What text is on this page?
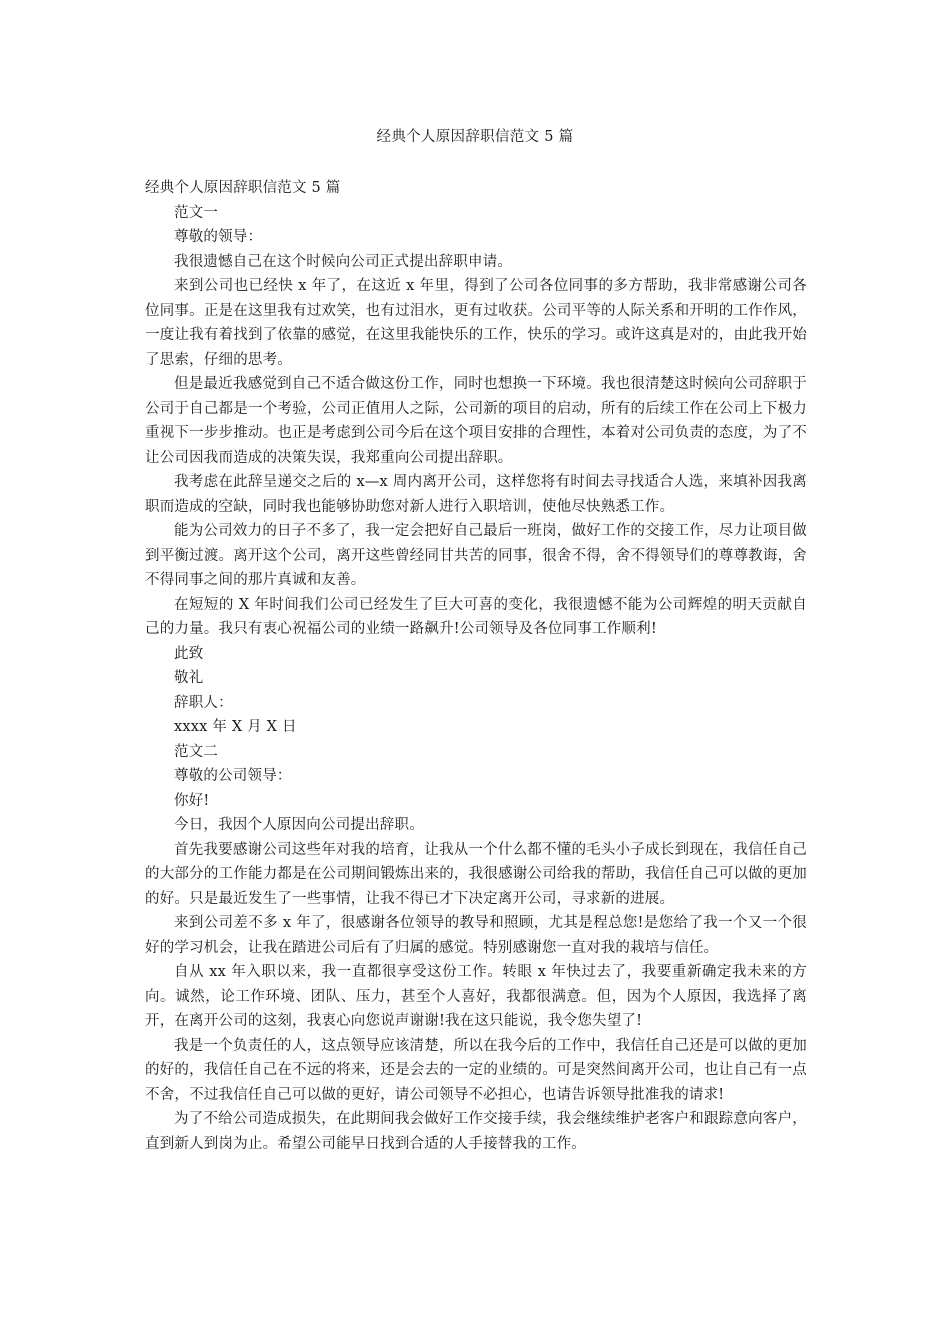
经典个人原因辞职信范文 5 篇

经典个人原因辞职信范文 5 篇

范文一

尊敬的领导：

我很遗憾自己在这个时候向公司正式提出辞职申请。

来到公司也已经快 x 年了，在这近 x 年里，得到了公司各位同事的多方帮助，我非常感谢公司各位同事。正是在这里我有过欢笑，也有过泪水，更有过收获。公司平等的人际关系和开明的工作作风，一度让我有着找到了依靠的感觉，在这里我能快乐的工作，快乐的学习。或许这真是对的，由此我开始了思索，仔细的思考。

但是最近我感觉到自己不适合做这份工作，同时也想换一下环境。我也很清楚这时候向公司辞职于公司于自己都是一个考验，公司正值用人之际，公司新的项目的启动，所有的后续工作在公司上下极力重视下一步步推动。也正是考虑到公司今后在这个项目安排的合理性，本着对公司负责的态度，为了不让公司因我而造成的决策失误，我郑重向公司提出辞职。

我考虑在此辞呈递交之后的 x—x 周内离开公司，这样您将有时间去寻找适合人选，来填补因我离职而造成的空缺，同时我也能够协助您对新人进行入职培训，使他尽快熟悉工作。

能为公司效力的日子不多了，我一定会把好自己最后一班岗，做好工作的交接工作，尽力让项目做到平衡过渡。离开这个公司，离开这些曾经同甘共苦的同事，很舍不得，舍不得领导们的尊尊教诲，舍不得同事之间的那片真诚和友善。

在短短的 X 年时间我们公司已经发生了巨大可喜的变化，我很遗憾不能为公司辉煌的明天贡献自己的力量。我只有衷心祝福公司的业绩一路飙升!公司领导及各位同事工作顺利!

此致

敬礼

辞职人：

xxxx 年 X 月 X 日

范文二

尊敬的公司领导：

你好!

今日，我因个人原因向公司提出辞职。

首先我要感谢公司这些年对我的培育，让我从一个什么都不懂的毛头小子成长到现在，我信任自己的大部分的工作能力都是在公司期间锻炼出来的，我很感谢公司给我的帮助，我信任自己可以做的更加的好。只是最近发生了一些事情，让我不得已才下决定离开公司，寻求新的进展。

来到公司差不多 x 年了，很感谢各位领导的教导和照顾，尤其是程总您!是您给了我一个又一个很好的学习机会，让我在踏进公司后有了归属的感觉。特别感谢您一直对我的栽培与信任。

自从 xx 年入职以来，我一直都很享受这份工作。转眼 x 年快过去了，我要重新确定我未来的方向。诚然，论工作环境、团队、压力，甚至个人喜好，我都很满意。但，因为个人原因，我选择了离开，在离开公司的这刻，我衷心向您说声谢谢!我在这只能说，我令您失望了!

我是一个负责任的人，这点领导应该清楚，所以在我今后的工作中，我信任自己还是可以做的更加的好的，我信任自己在不远的将来，还是会去的一定的业绩的。可是突然间离开公司，也让自己有一点不舍，不过我信任自己可以做的更好，请公司领导不必担心，也请告诉领导批准我的请求!

为了不给公司造成损失，在此期间我会做好工作交接手续，我会继续维护老客户和跟踪意向客户，直到新人到岗为止。希望公司能早日找到合适的人手接替我的工作。
